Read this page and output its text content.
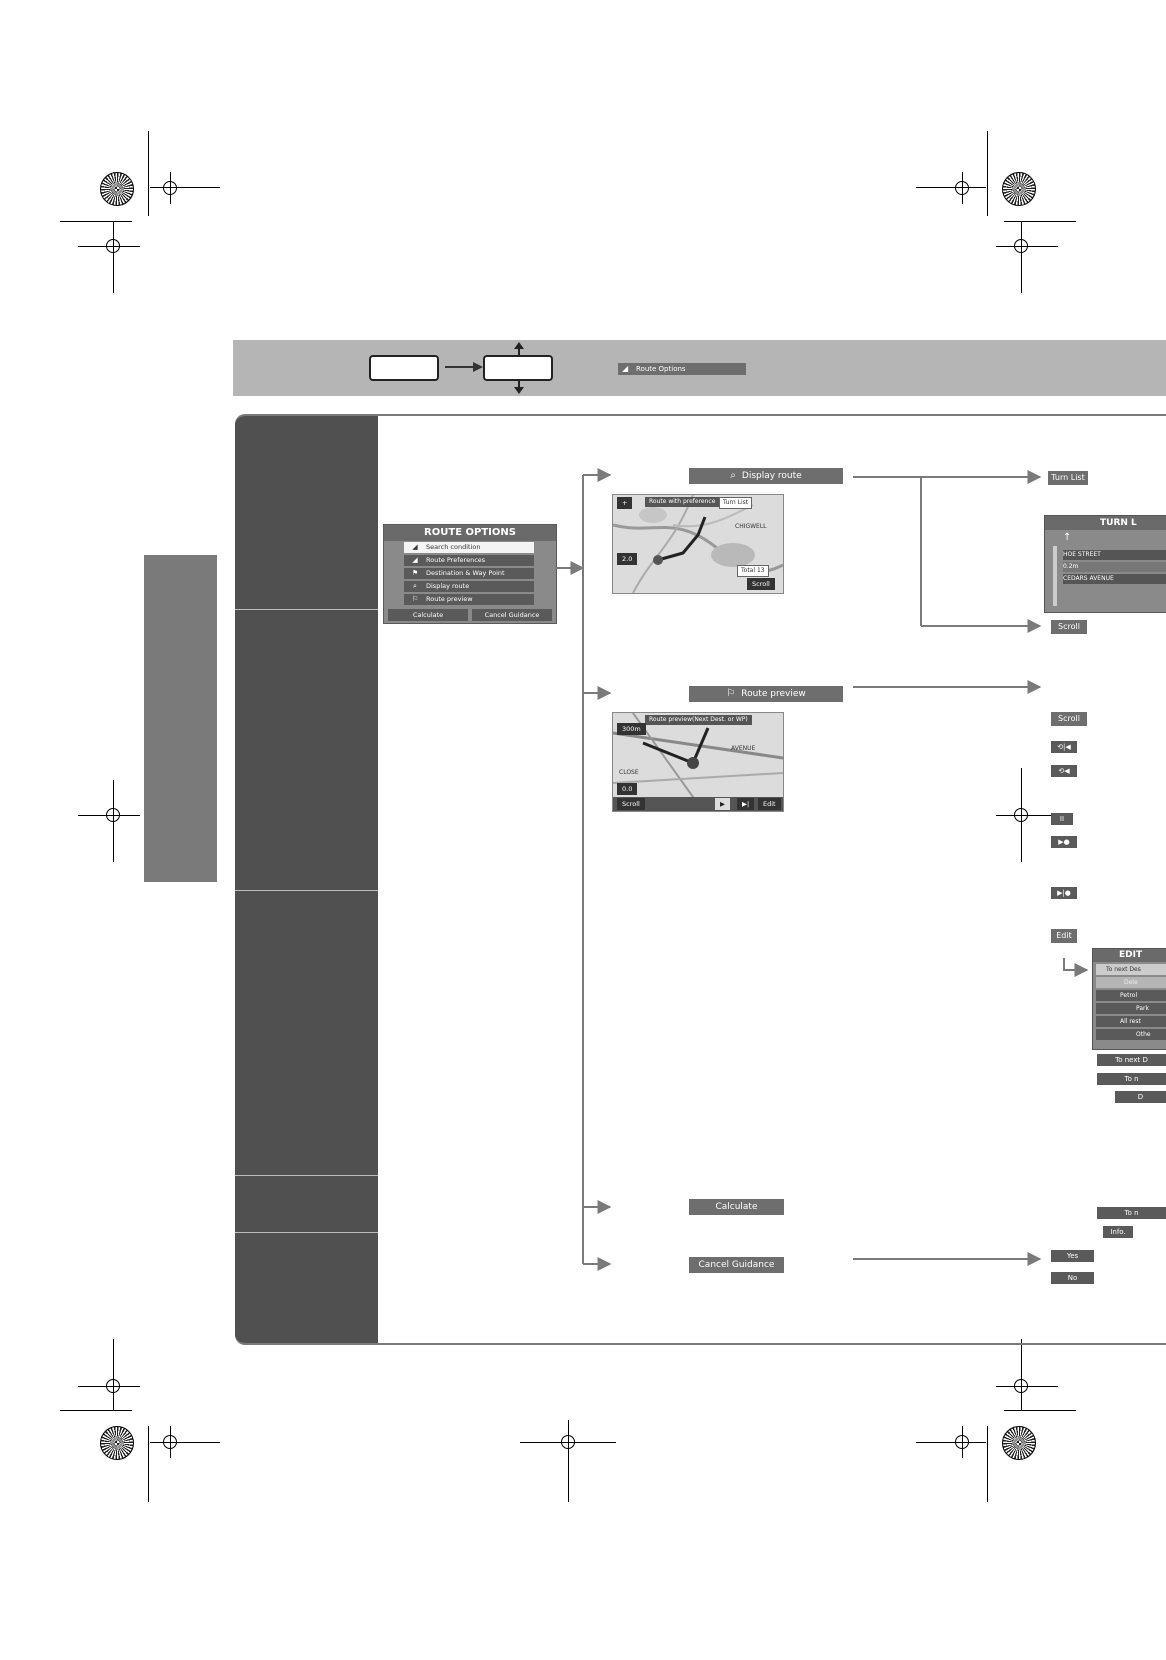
◢ Route Options
ROUTE OPTIONS
◢ Search condition
◢ Route Preferences
⚑ Destination & Way Point
⌕ Display route
⚐ Route preview
Calculate	Cancel Guidance
⌕ Display route
Route with preference	Turn List
CHIGWELL
Total 13
Scroll
2.0
+
⚐ Route preview
Route preview(Next Dest. or WP)
AVENUE
CLOSE
300m
0.0
Scroll	▶	▶|	Edit
Calculate
Cancel Guidance
Turn List
TURN L
↑
HOE STREET
0.2m
CEDARS AVENUE
Scroll
Scroll
⟲|◀
⟲◀
II
▶●
▶|●
Edit
EDIT
To next Des
Dele
Petrol
Park
All rest
Othe
To next D
To n
D
To n
Info.
Yes
No
